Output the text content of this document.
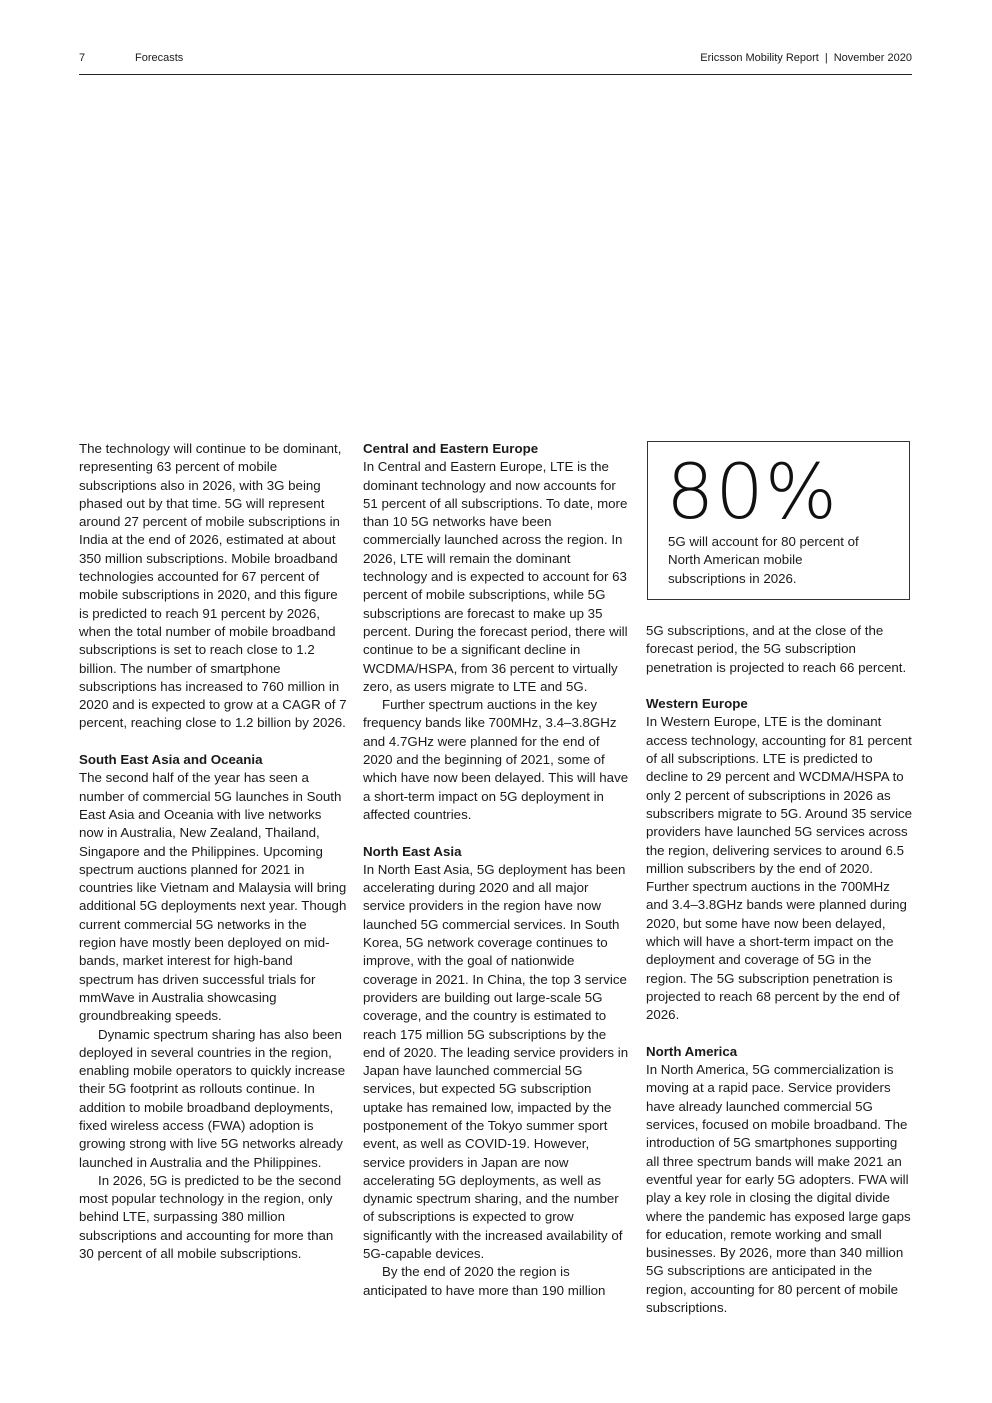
7	Forecasts	Ericsson Mobility Report | November 2020

The technology will continue to be dominant, representing 63 percent of mobile subscriptions also in 2026, with 3G being phased out by that time. 5G will represent around 27 percent of mobile subscriptions in India at the end of 2026, estimated at about 350 million subscriptions. Mobile broadband technologies accounted for 67 percent of mobile subscriptions in 2020, and this figure is predicted to reach 91 percent by 2026, when the total number of mobile broadband subscriptions is set to reach close to 1.2 billion. The number of smartphone subscriptions has increased to 760 million in 2020 and is expected to grow at a CAGR of 7 percent, reaching close to 1.2 billion by 2026.

South East Asia and Oceania

The second half of the year has seen a number of commercial 5G launches in South East Asia and Oceania with live networks now in Australia, New Zealand, Thailand, Singapore and the Philippines. Upcoming spectrum auctions planned for 2021 in countries like Vietnam and Malaysia will bring additional 5G deployments next year. Though current commercial 5G networks in the region have mostly been deployed on mid-bands, market interest for high-band spectrum has driven successful trials for mmWave in Australia showcasing groundbreaking speeds.

Dynamic spectrum sharing has also been deployed in several countries in the region, enabling mobile operators to quickly increase their 5G footprint as rollouts continue. In addition to mobile broadband deployments, fixed wireless access (FWA) adoption is growing strong with live 5G networks already launched in Australia and the Philippines.

In 2026, 5G is predicted to be the second most popular technology in the region, only behind LTE, surpassing 380 million subscriptions and accounting for more than 30 percent of all mobile subscriptions.

Central and Eastern Europe

In Central and Eastern Europe, LTE is the dominant technology and now accounts for 51 percent of all subscriptions. To date, more than 10 5G networks have been commercially launched across the region. In 2026, LTE will remain the dominant technology and is expected to account for 63 percent of mobile subscriptions, while 5G subscriptions are forecast to make up 35 percent. During the forecast period, there will continue to be a significant decline in WCDMA/HSPA, from 36 percent to virtually zero, as users migrate to LTE and 5G.

Further spectrum auctions in the key frequency bands like 700MHz, 3.4–3.8GHz and 4.7GHz were planned for the end of 2020 and the beginning of 2021, some of which have now been delayed. This will have a short-term impact on 5G deployment in affected countries.

North East Asia

In North East Asia, 5G deployment has been accelerating during 2020 and all major service providers in the region have now launched 5G commercial services. In South Korea, 5G network coverage continues to improve, with the goal of nationwide coverage in 2021. In China, the top 3 service providers are building out large-scale 5G coverage, and the country is estimated to reach 175 million 5G subscriptions by the end of 2020. The leading service providers in Japan have launched commercial 5G services, but expected 5G subscription uptake has remained low, impacted by the postponement of the Tokyo summer sport event, as well as COVID-19. However, service providers in Japan are now accelerating 5G deployments, as well as dynamic spectrum sharing, and the number of subscriptions is expected to grow significantly with the increased availability of 5G-capable devices.

By the end of 2020 the region is anticipated to have more than 190 million

80%
5G will account for 80 percent of North American mobile subscriptions in 2026.

5G subscriptions, and at the close of the forecast period, the 5G subscription penetration is projected to reach 66 percent.

Western Europe

In Western Europe, LTE is the dominant access technology, accounting for 81 percent of all subscriptions. LTE is predicted to decline to 29 percent and WCDMA/HSPA to only 2 percent of subscriptions in 2026 as subscribers migrate to 5G. Around 35 service providers have launched 5G services across the region, delivering services to around 6.5 million subscribers by the end of 2020. Further spectrum auctions in the 700MHz and 3.4–3.8GHz bands were planned during 2020, but some have now been delayed, which will have a short-term impact on the deployment and coverage of 5G in the region. The 5G subscription penetration is projected to reach 68 percent by the end of 2026.

North America

In North America, 5G commercialization is moving at a rapid pace. Service providers have already launched commercial 5G services, focused on mobile broadband. The introduction of 5G smartphones supporting all three spectrum bands will make 2021 an eventful year for early 5G adopters. FWA will play a key role in closing the digital divide where the pandemic has exposed large gaps for education, remote working and small businesses. By 2026, more than 340 million 5G subscriptions are anticipated in the region, accounting for 80 percent of mobile subscriptions.
